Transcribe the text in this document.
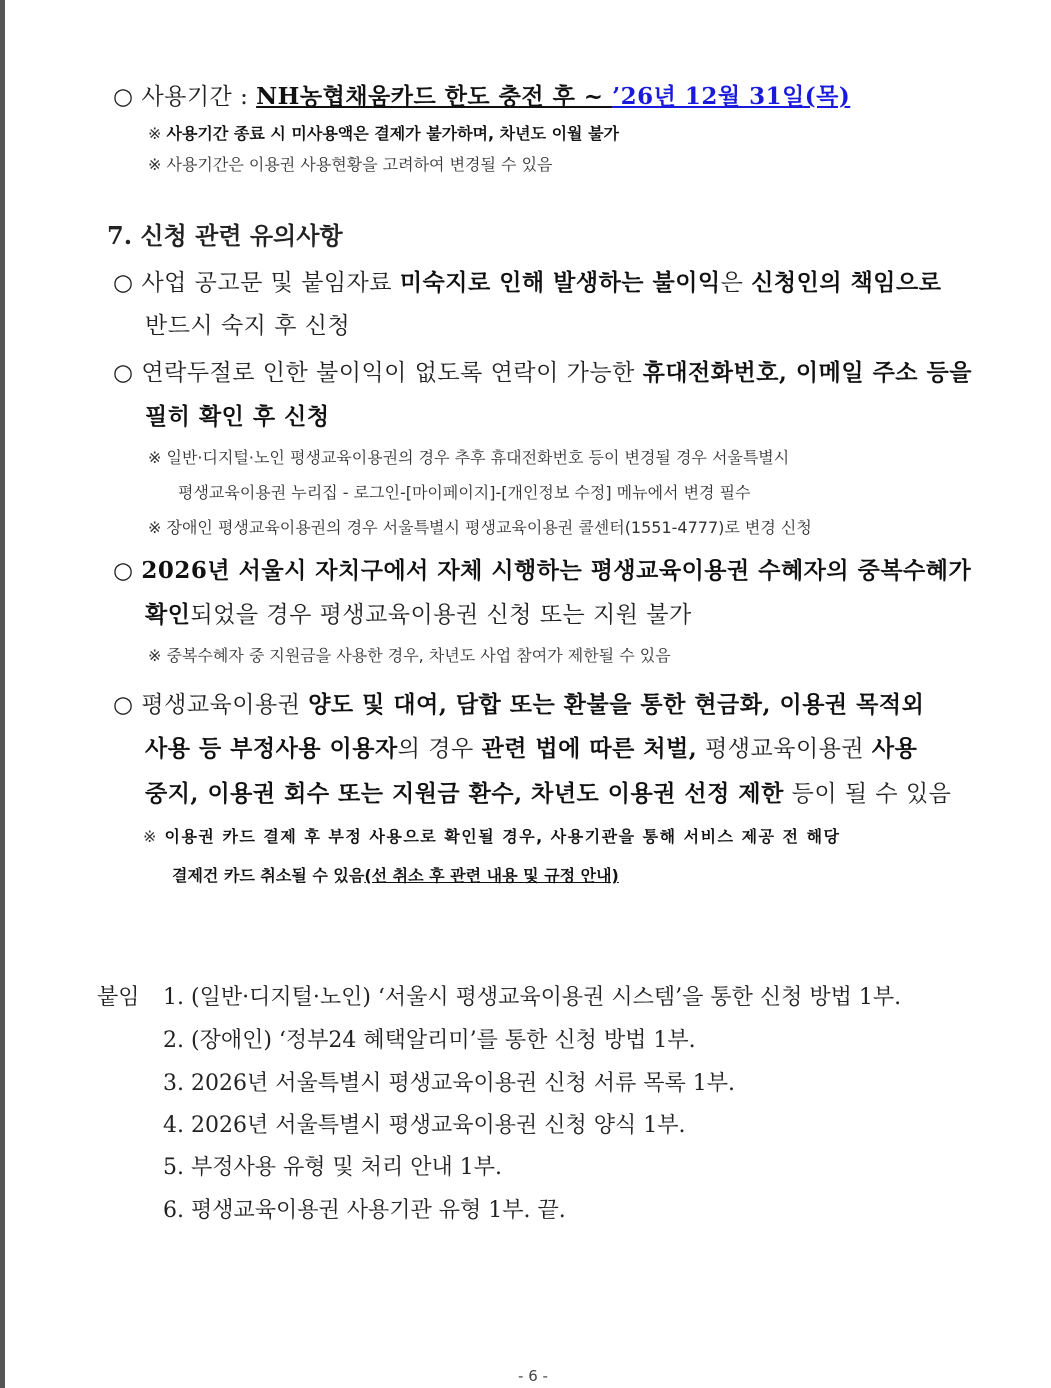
○ 사용기간 : NH농협채움카드 한도 충전 후 ~ ’26년 12월 31일(목)
※ 사용기간 종료 시 미사용액은 결제가 불가하며, 차년도 이월 불가
※ 사용기간은 이용권 사용현황을 고려하여 변경될 수 있음
7. 신청 관련 유의사항
○ 사업 공고문 및 붙임자료 미숙지로 인해 발생하는 불이익은 신청인의 책임으로
반드시 숙지 후 신청
○ 연락두절로 인한 불이익이 없도록 연락이 가능한 휴대전화번호, 이메일 주소 등을
필히 확인 후 신청
※ 일반·디지털·노인 평생교육이용권의 경우 추후 휴대전화번호 등이 변경될 경우 서울특별시
평생교육이용권 누리집 - 로그인-[마이페이지]-[개인정보 수정] 메뉴에서 변경 필수
※ 장애인 평생교육이용권의 경우 서울특별시 평생교육이용권 콜센터(1551-4777)로 변경 신청
○ 2026년 서울시 자치구에서 자체 시행하는 평생교육이용권 수혜자의 중복수혜가
확인되었을 경우 평생교육이용권 신청 또는 지원 불가
※ 중복수혜자 중 지원금을 사용한 경우, 차년도 사업 참여가 제한될 수 있음
○ 평생교육이용권 양도 및 대여, 담합 또는 환불을 통한 현금화, 이용권 목적외
사용 등 부정사용 이용자의 경우 관련 법에 따른 처벌, 평생교육이용권 사용
중지, 이용권 회수 또는 지원금 환수, 차년도 이용권 선정 제한 등이 될 수 있음
※ 이용권 카드 결제 후 부정 사용으로 확인될 경우, 사용기관을 통해 서비스 제공 전 해당
결제건 카드 취소될 수 있음(선 취소 후 관련 내용 및 규정 안내)
붙임 1. (일반·디지털·노인) ‘서울시 평생교육이용권 시스템’을 통한 신청 방법 1부.
2. (장애인) ‘정부24 혜택알리미’를 통한 신청 방법 1부.
3. 2026년 서울특별시 평생교육이용권 신청 서류 목록 1부.
4. 2026년 서울특별시 평생교육이용권 신청 양식 1부.
5. 부정사용 유형 및 처리 안내 1부.
6. 평생교육이용권 사용기관 유형 1부. 끝.
- 6 -
